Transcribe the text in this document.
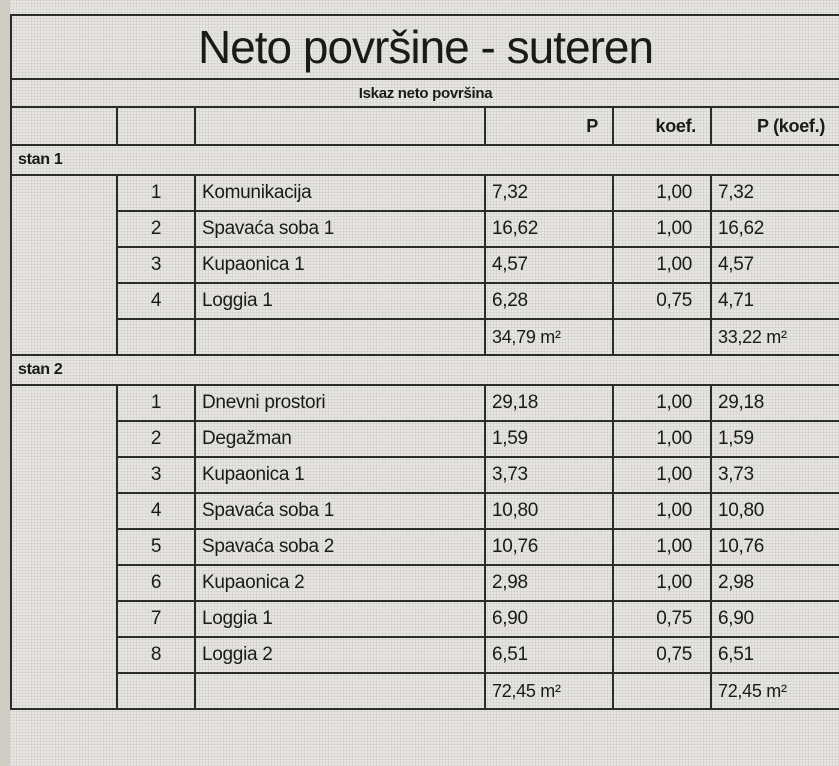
Neto površine - suteren					
Iskaz neto površina					
			P	koef.	P (koef.)
stan 1					
	1	Komunikacija	7,32	1,00	7,32
	2	Spavaća soba 1	16,62	1,00	16,62
	3	Kupaonica 1	4,57	1,00	4,57
	4	Loggia 1	6,28	0,75	4,71
			34,79 m²		33,22 m²
stan 2					
	1	Dnevni prostori	29,18	1,00	29,18
	2	Degažman	1,59	1,00	1,59
	3	Kupaonica 1	3,73	1,00	3,73
	4	Spavaća soba 1	10,80	1,00	10,80
	5	Spavaća soba 2	10,76	1,00	10,76
	6	Kupaonica 2	2,98	1,00	2,98
	7	Loggia 1	6,90	0,75	6,90
	8	Loggia 2	6,51	0,75	6,51
			72,45 m²		72,45 m²
